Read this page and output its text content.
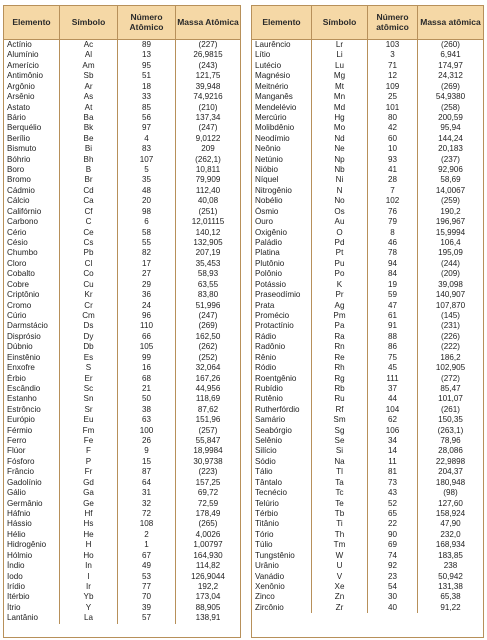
Elemento	Símbolo	Número Atômico	Massa Atômica
Actínio	Ac	89	(227)
Alumínio	Al	13	26,9815
Amerício	Am	95	(243)
Antimônio	Sb	51	121,75
Argônio	Ar	18	39,948
Arsênio	As	33	74,9216
Astato	At	85	(210)
Bário	Ba	56	137,34
Berquélio	Bk	97	(247)
Berílio	Be	4	9,0122
Bismuto	Bi	83	209
Bóhrio	Bh	107	(262,1)
Boro	B	5	10,811
Bromo	Br	35	79,909
Cádmio	Cd	48	112,40
Cálcio	Ca	20	40,08
Califórnio	Cf	98	(251)
Carbono	C	6	12,01115
Cério	Ce	58	140,12
Césio	Cs	55	132,905
Chumbo	Pb	82	207,19
Cloro	Cl	17	35,453
Cobalto	Co	27	58,93
Cobre	Cu	29	63,55
Criptônio	Kr	36	83,80
Cromo	Cr	24	51,996
Cúrio	Cm	96	(247)
Darmstácio	Ds	110	(269)
Disprósio	Dy	66	162,50
Dúbnio	Db	105	(262)
Einstênio	Es	99	(252)
Enxofre	S	16	32,064
Érbio	Er	68	167,26
Escândio	Sc	21	44,956
Estanho	Sn	50	118,69
Estrôncio	Sr	38	87,62
Európio	Eu	63	151,96
Férmio	Fm	100	(257)
Ferro	Fe	26	55,847
Flúor	F	9	18,9984
Fósforo	P	15	30,9738
Frâncio	Fr	87	(223)
Gadolínio	Gd	64	157,25
Gálio	Ga	31	69,72
Germânio	Ge	32	72,59
Háfnio	Hf	72	178,49
Hássio	Hs	108	(265)
Hélio	He	2	4,0026
Hidrogênio	H	1	1,00797
Hólmio	Ho	67	164,930
Índio	In	49	114,82
Iodo	I	53	126,9044
Irídio	Ir	77	192,2
Itérbio	Yb	70	173,04
Ítrio	Y	39	88,905
Lantânio	La	57	138,91
Elemento	Símbolo	Número atômico	Massa atômica
Laurêncio	Lr	103	(260)
Lítio	Li	3	6,941
Lutécio	Lu	71	174,97
Magnésio	Mg	12	24,312
Meitnério	Mt	109	(269)
Manganês	Mn	25	54,9380
Mendelévio	Md	101	(258)
Mercúrio	Hg	80	200,59
Molibdênio	Mo	42	95,94
Neodímio	Nd	60	144,24
Neônio	Ne	10	20,183
Netúnio	Np	93	(237)
Nióbio	Nb	41	92,906
Níquel	Ni	28	58,69
Nitrogênio	N	7	14,0067
Nobélio	No	102	(259)
Ósmio	Os	76	190,2
Ouro	Au	79	196,967
Oxigênio	O	8	15,9994
Paládio	Pd	46	106,4
Platina	Pt	78	195,09
Plutônio	Pu	94	(244)
Polônio	Po	84	(209)
Potássio	K	19	39,098
Praseodímio	Pr	59	140,907
Prata	Ag	47	107,870
Promécio	Pm	61	(145)
Protactínio	Pa	91	(231)
Rádio	Ra	88	(226)
Radônio	Rn	86	(222)
Rênio	Re	75	186,2
Ródio	Rh	45	102,905
Roentgênio	Rg	111	(272)
Rubídio	Rb	37	85,47
Rutênio	Ru	44	101,07
Rutherfórdio	Rf	104	(261)
Samário	Sm	62	150,35
Seabórgio	Sg	106	(263,1)
Selênio	Se	34	78,96
Silício	Si	14	28,086
Sódio	Na	11	22,9898
Tálio	Tl	81	204,37
Tântalo	Ta	73	180,948
Tecnécio	Tc	43	(98)
Telúrio	Te	52	127,60
Térbio	Tb	65	158,924
Titânio	Ti	22	47,90
Tório	Th	90	232,0
Túlio	Tm	69	168,934
Tungstênio	W	74	183,85
Urânio	U	92	238
Vanádio	V	23	50,942
Xenônio	Xe	54	131,38
Zinco	Zn	30	65,38
Zircônio	Zr	40	91,22
